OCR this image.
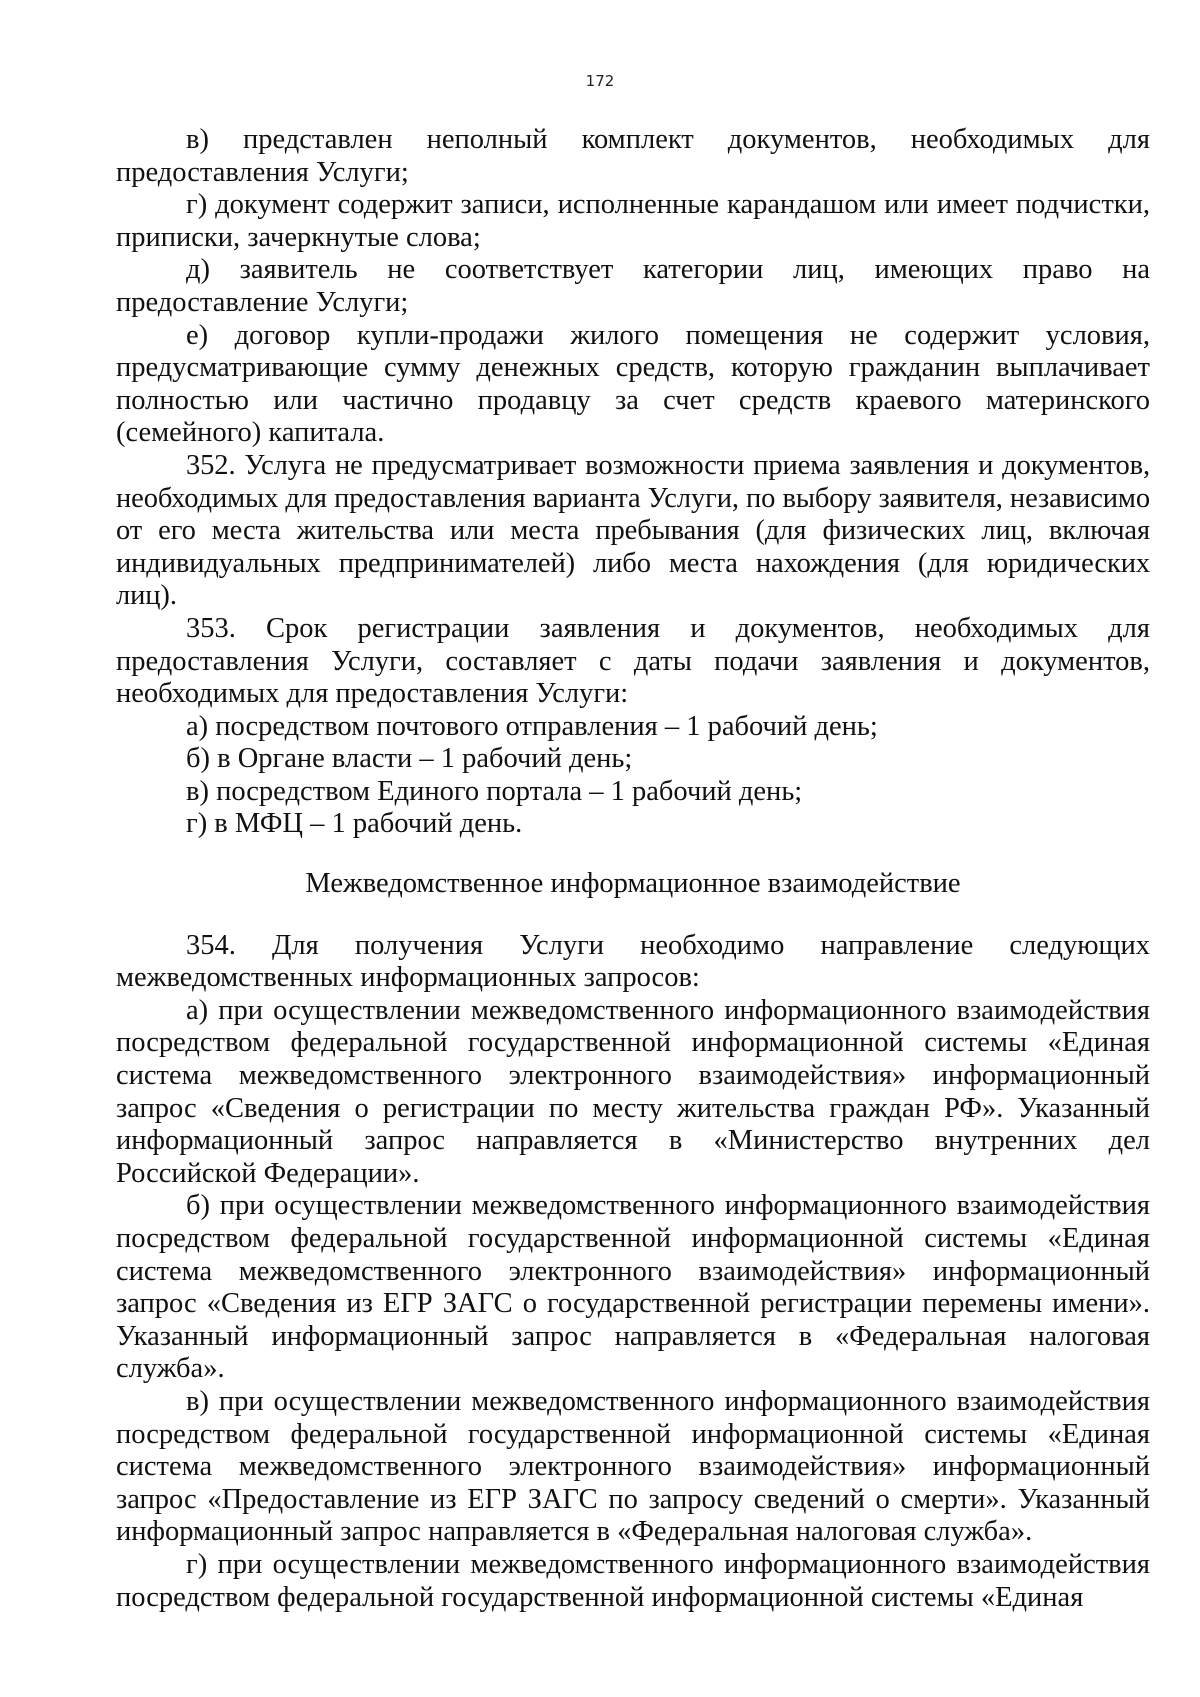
172

в) представлен неполный комплект документов, необходимых для предоставления Услуги;

г) документ содержит записи, исполненные карандашом или имеет подчистки, приписки, зачеркнутые слова;

д) заявитель не соответствует категории лиц, имеющих право на предоставление Услуги;

е) договор купли-продажи жилого помещения не содержит условия, предусматривающие сумму денежных средств, которую гражданин выплачивает полностью или частично продавцу за счет средств краевого материнского (семейного) капитала.

352. Услуга не предусматривает возможности приема заявления и документов, необходимых для предоставления варианта Услуги, по выбору заявителя, независимо от его места жительства или места пребывания (для физических лиц, включая индивидуальных предпринимателей) либо места нахождения (для юридических лиц).

353. Срок регистрации заявления и документов, необходимых для предоставления Услуги, составляет с даты подачи заявления и документов, необходимых для предоставления Услуги:

а) посредством почтового отправления – 1 рабочий день;

б) в Органе власти – 1 рабочий день;

в) посредством Единого портала – 1 рабочий день;

г) в МФЦ – 1 рабочий день.

Межведомственное информационное взаимодействие

354. Для получения Услуги необходимо направление следующих межведомственных информационных запросов:

а) при осуществлении межведомственного информационного взаимодействия посредством федеральной государственной информационной системы «Единая система межведомственного электронного взаимодействия» информационный запрос «Сведения о регистрации по месту жительства граждан РФ». Указанный информационный запрос направляется в «Министерство внутренних дел Российской Федерации».

б) при осуществлении межведомственного информационного взаимодействия посредством федеральной государственной информационной системы «Единая система межведомственного электронного взаимодействия» информационный запрос «Сведения из ЕГР ЗАГС о государственной регистрации перемены имени». Указанный информационный запрос направляется в «Федеральная налоговая служба».

в) при осуществлении межведомственного информационного взаимодействия посредством федеральной государственной информационной системы «Единая система межведомственного электронного взаимодействия» информационный запрос «Предоставление из ЕГР ЗАГС по запросу сведений о смерти». Указанный информационный запрос направляется в «Федеральная налоговая служба».

г) при осуществлении межведомственного информационного взаимодействия посредством федеральной государственной информационной системы «Единая
